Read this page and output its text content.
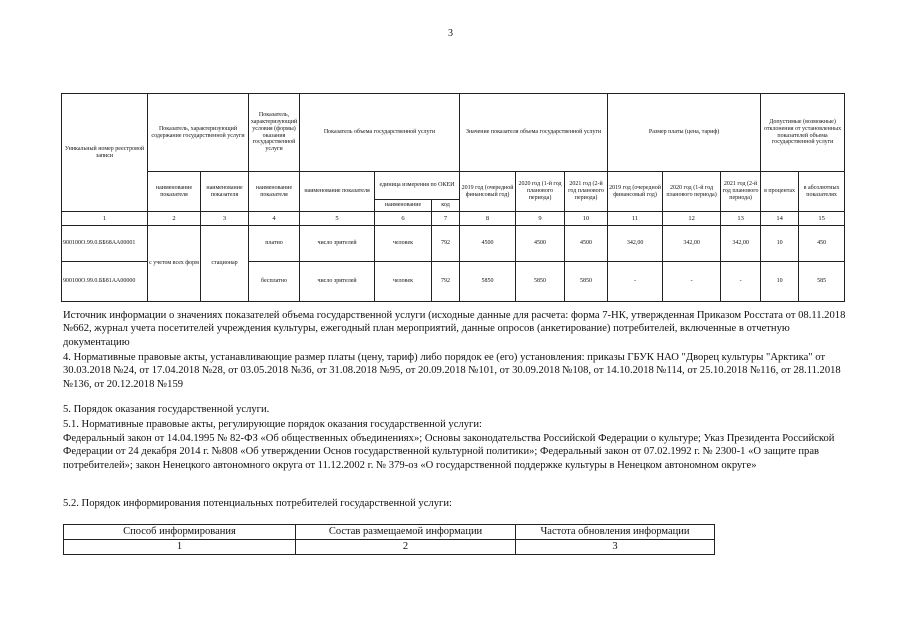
3
Уникальный номер реестровой записи	Показатель, характеризующий содержание государственной услуги		Показатель, характеризующий условия (формы) оказания государственной услуги	Показатель объема государственной услуги			Значение показателя объема государственной услуги			Размер платы (цена, тариф)			Допустимые (возможные) отклонения от установленных показателей объема государственной услуги	
	наименование показателя	наименование показателя	наименование показателя	наименование показателя	единица измерения по ОКЕИ		2019 год (очередной финансовый год)	2020 год (1-й год планового периода)	2021 год (2-й год планового периода)	2019 год (очередной финансовый год)	2020 год (1-й год планового периода)	2021 год (2-й год планового периода)	в процентах	в абсолютных показателях
					наименование	код								
1	2	3	4	5	6	7	8	9	10	11	12	13	14	15
900100О.99.0.ББ68АА00001	с учетом всех форм	стационар	платно	число зрителей	человек	792	4500	4500	4500	342,00	342,00	342,00	10	450
900100О.99.0.ББ81АА00000			бесплатно	число зрителей	человек	792	5850	5850	5850	-	-	-	10	585
Источник информации о значениях показателей объема государственной услуги (исходные данные для расчета: форма 7-НК, утвержденная Приказом Росстата от 08.11.2018 №662, журнал учета посетителей учреждения культуры, ежегодный план мероприятий, данные опросов (анкетирование) потребителей, включенные в отчетную документацию
4. Нормативные правовые акты, устанавливающие размер платы (цену, тариф) либо порядок ее (его) установления: приказы ГБУК НАО "Дворец культуры "Арктика" от 30.03.2018 №24, от 17.04.2018 №28, от 03.05.2018 №36, от 31.08.2018 №95, от 20.09.2018 №101, от 30.09.2018 №108, от 14.10.2018 №114, от 25.10.2018 №116, от 28.11.2018 №136, от 20.12.2018 №159
5. Порядок оказания государственной услуги.
5.1. Нормативные правовые акты, регулирующие порядок оказания государственной услуги:
Федеральный закон от 14.04.1995 № 82-ФЗ «Об общественных объединениях»; Основы законодательства Российской Федерации о культуре; Указ Президента Российской Федерации от 24 декабря 2014 г. №808 «Об утверждении Основ государственной культурной политики»; Федеральный закон от 07.02.1992 г. № 2300-1 «О защите прав потребителей»; закон Ненецкого автономного округа от 11.12.2002 г. № 379-оз «О государственной поддержке культуры в Ненецком автономном округе»
5.2. Порядок информирования потенциальных потребителей государственной услуги:
Способ информирования	Состав размещаемой информации	Частота обновления информации
1	2	3
